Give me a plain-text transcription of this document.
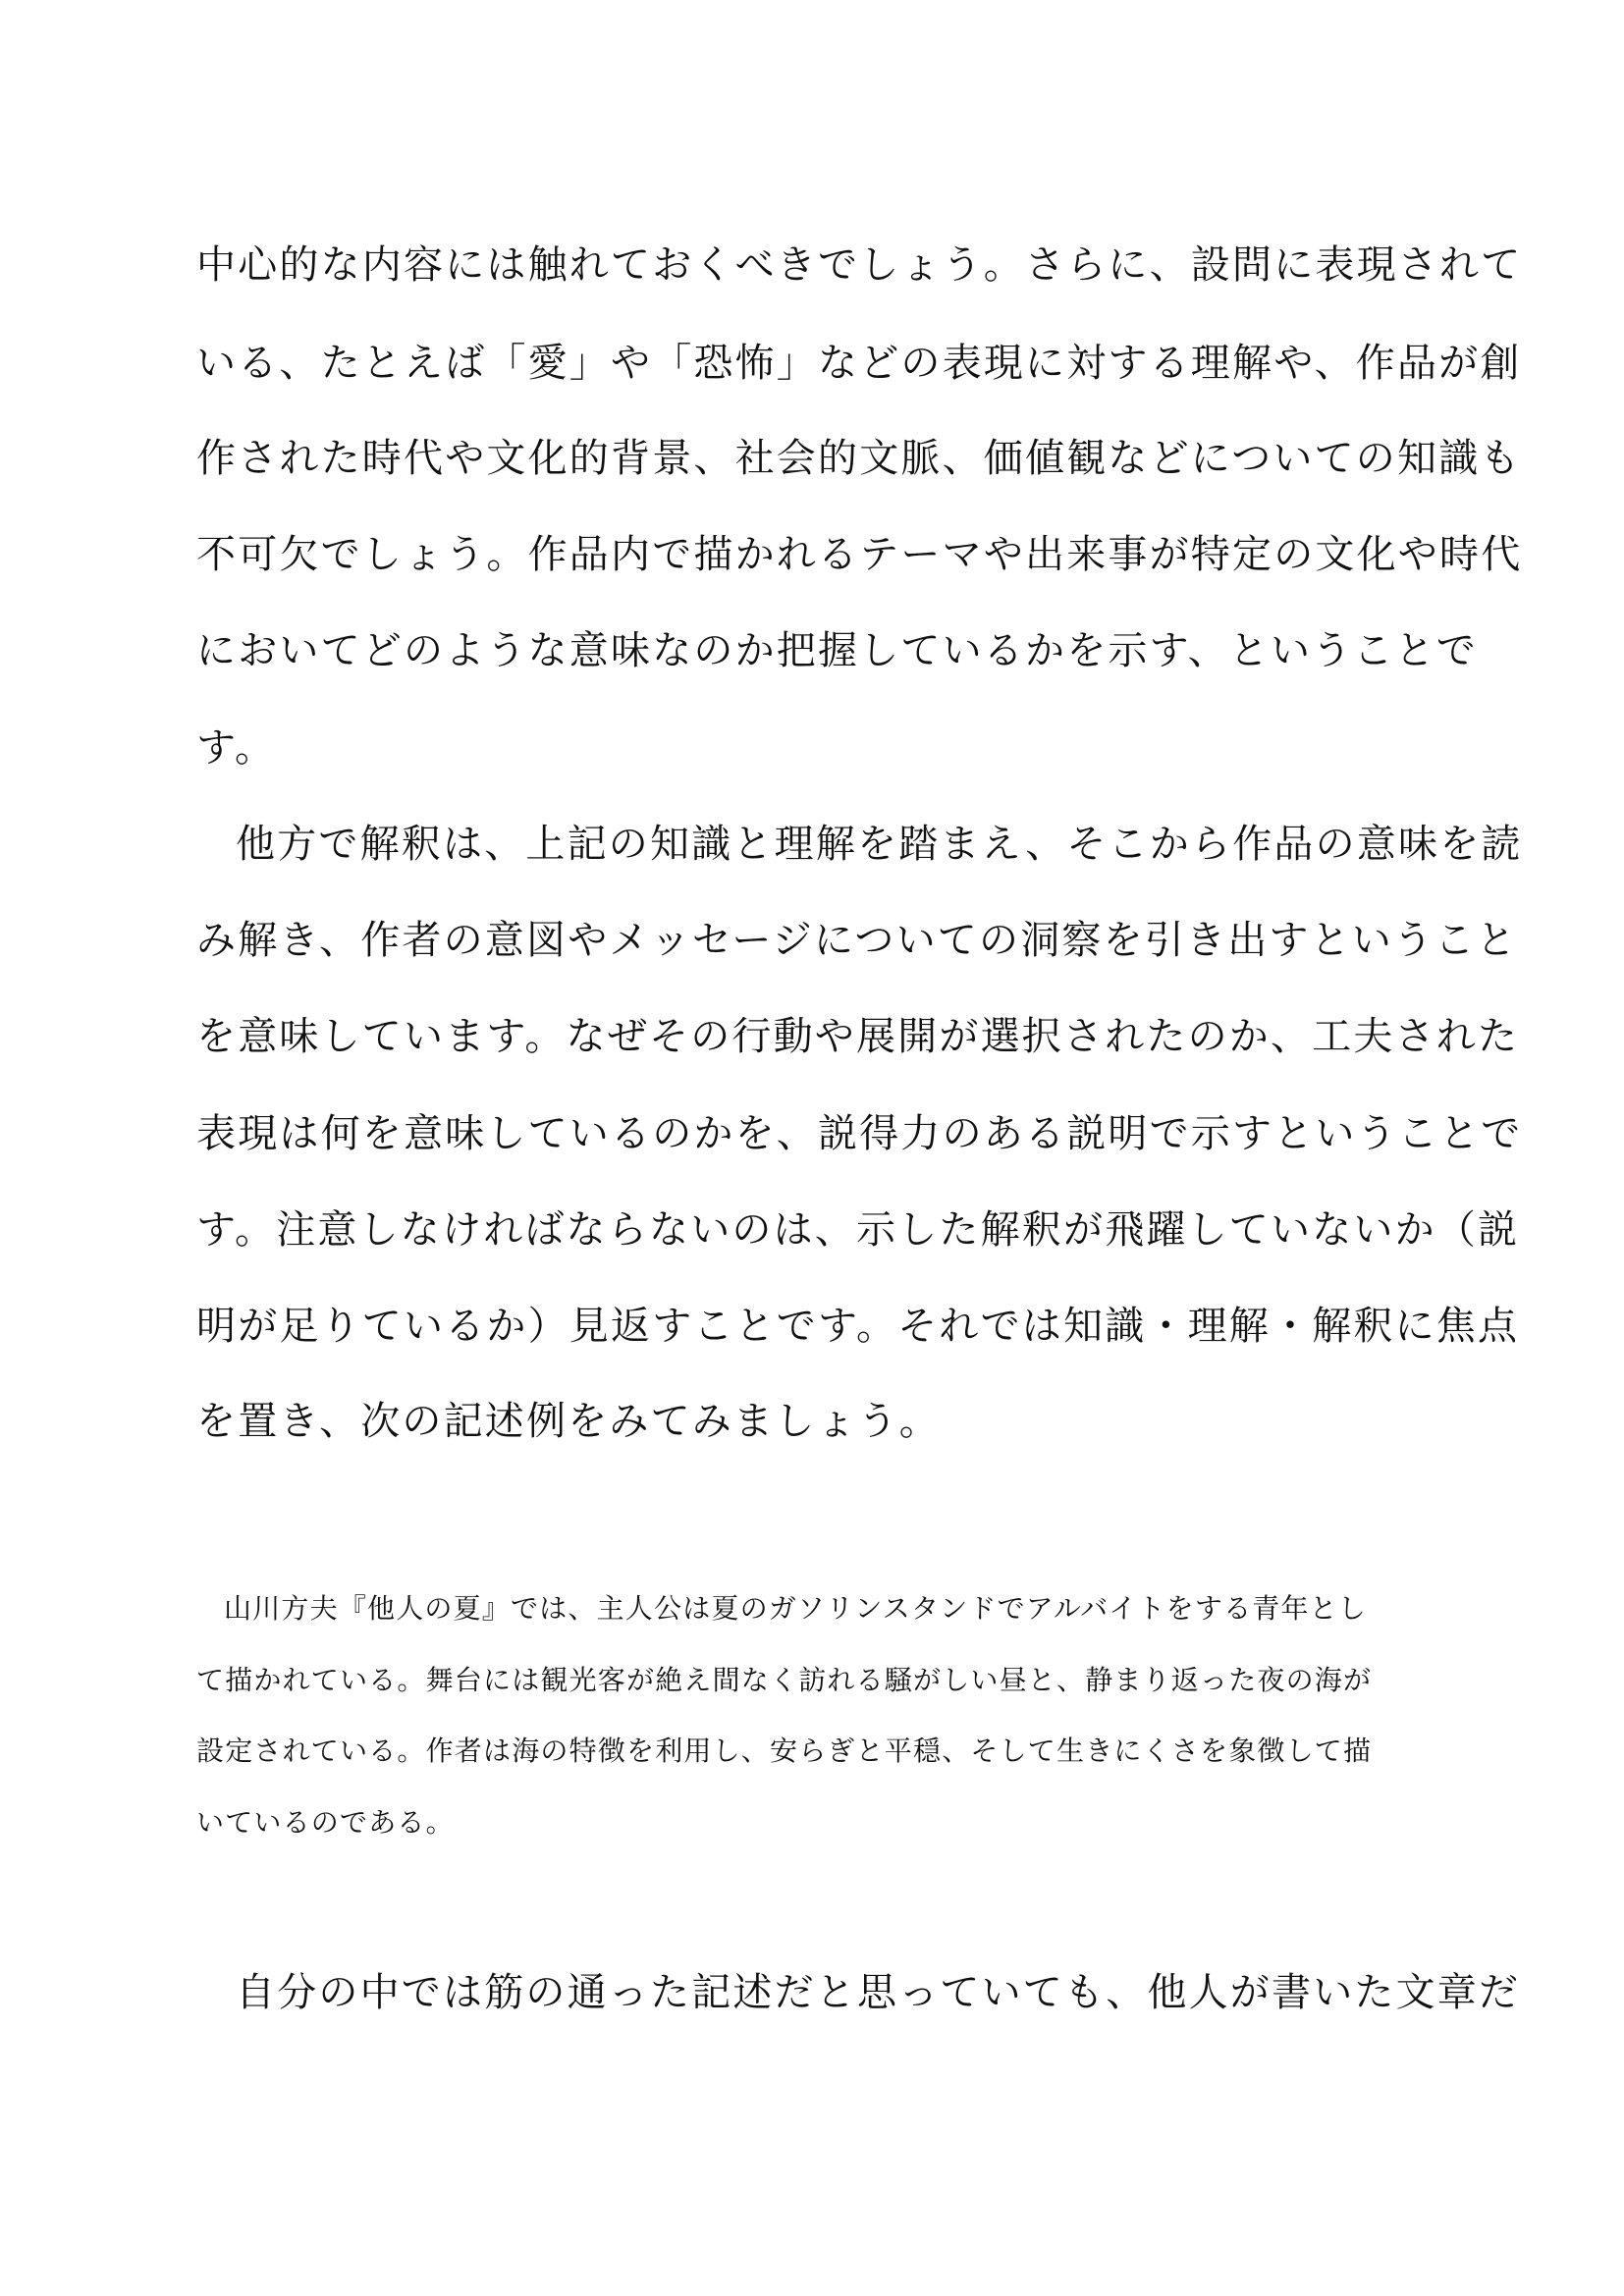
中心的な内容には触れておくべきでしょう。さらに、設問に表現されて
いる、たとえば「愛」や「恐怖」などの表現に対する理解や、作品が創
作された時代や文化的背景、社会的文脈、価値観などについての知識も
不可欠でしょう。作品内で描かれるテーマや出来事が特定の文化や時代
においてどのような意味なのか把握しているかを示す、ということで
す。
他方で解釈は、上記の知識と理解を踏まえ、そこから作品の意味を読
み解き、作者の意図やメッセージについての洞察を引き出すということ
を意味しています。なぜその行動や展開が選択されたのか、工夫された
表現は何を意味しているのかを、説得力のある説明で示すということで
す。注意しなければならないのは、示した解釈が飛躍していないか（説
明が足りているか）見返すことです。それでは知識・理解・解釈に焦点
を置き、次の記述例をみてみましょう。
山川方夫『他人の夏』では、主人公は夏のガソリンスタンドでアルバイトをする青年とし
て描かれている。舞台には観光客が絶え間なく訪れる騒がしい昼と、静まり返った夜の海が
設定されている。作者は海の特徴を利用し、安らぎと平穏、そして生きにくさを象徴して描
いているのである。
自分の中では筋の通った記述だと思っていても、他人が書いた文章だ
